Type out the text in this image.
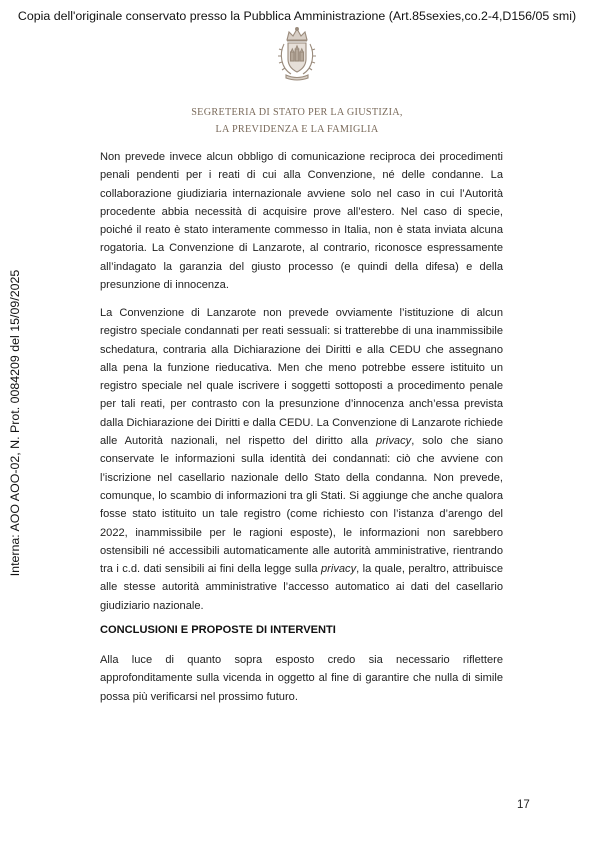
Copia dell'originale conservato presso la Pubblica Amministrazione (Art.85sexies,co.2-4,D156/05 smi)
Interna: AOO AOO-02, N. Prot. 0084209 del 15/09/2025
SEGRETERIA DI STATO PER LA GIUSTIZIA,
LA PREVIDENZA E LA FAMIGLIA

Non prevede invece alcun obbligo di comunicazione reciproca dei procedimenti penali pendenti per i reati di cui alla Convenzione, né delle condanne. La collaborazione giudiziaria internazionale avviene solo nel caso in cui l’Autorità procedente abbia necessità di acquisire prove all’estero. Nel caso di specie, poiché il reato è stato interamente commesso in Italia, non è stata inviata alcuna rogatoria. La Convenzione di Lanzarote, al contrario, riconosce espressamente all’indagato la garanzia del giusto processo (e quindi della difesa) e della presunzione di innocenza.

La Convenzione di Lanzarote non prevede ovviamente l’istituzione di alcun registro speciale condannati per reati sessuali: si tratterebbe di una inammissibile schedatura, contraria alla Dichiarazione dei Diritti e alla CEDU che assegnano alla pena la funzione rieducativa. Men che meno potrebbe essere istituito un registro speciale nel quale iscrivere i soggetti sottoposti a procedimento penale per tali reati, per contrasto con la presunzione d’innocenza anch’essa prevista dalla Dichiarazione dei Diritti e dalla CEDU. La Convenzione di Lanzarote richiede alle Autorità nazionali, nel rispetto del diritto alla privacy, solo che siano conservate le informazioni sulla identità dei condannati: ciò che avviene con l’iscrizione nel casellario nazionale dello Stato della condanna. Non prevede, comunque, lo scambio di informazioni tra gli Stati. Si aggiunge che anche qualora fosse stato istituito un tale registro (come richiesto con l’istanza d’arengo del 2022, inammissibile per le ragioni esposte), le informazioni non sarebbero ostensibili né accessibili automaticamente alle autorità amministrative, rientrando tra i c.d. dati sensibili ai fini della legge sulla privacy, la quale, peraltro, attribuisce alle stesse autorità amministrative l’accesso automatico ai dati del casellario giudiziario nazionale.

CONCLUSIONI E PROPOSTE DI INTERVENTI

Alla luce di quanto sopra esposto credo sia necessario riflettere approfonditamente sulla vicenda in oggetto al fine di garantire che nulla di simile possa più verificarsi nel prossimo futuro.

17
